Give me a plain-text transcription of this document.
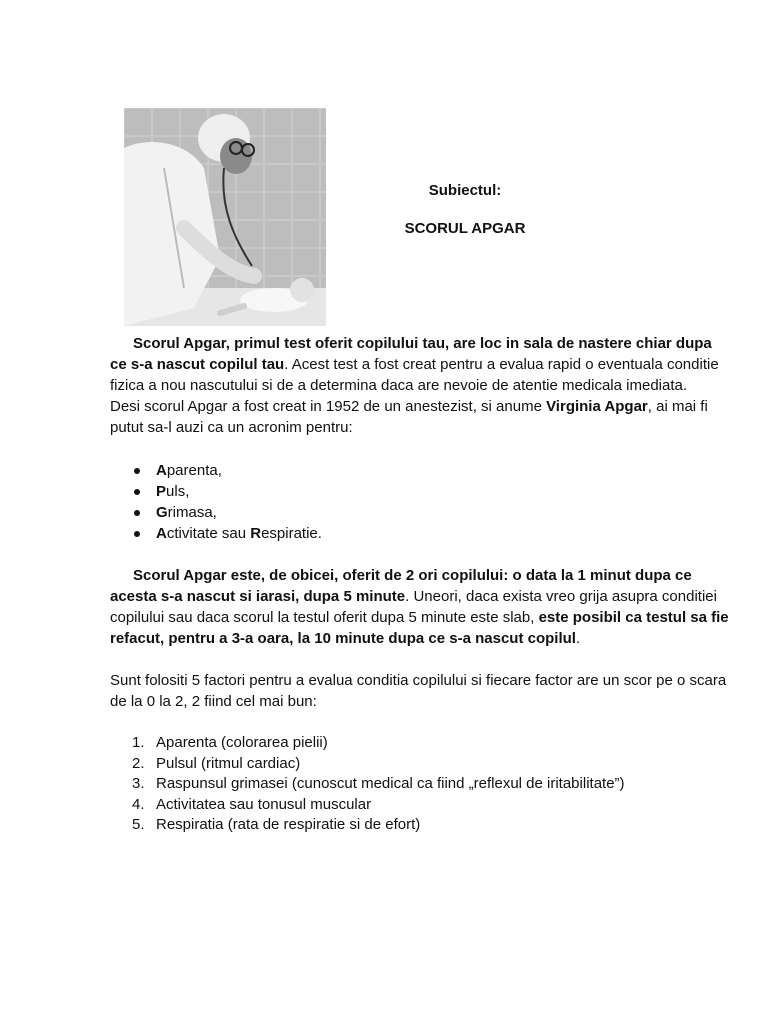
Subiectul:
SCORUL APGAR

Scorul Apgar, primul test oferit copilului tau, are loc in sala de nastere chiar dupa ce s-a nascut copilul tau. Acest test a fost creat pentru a evalua rapid o eventuala conditie fizica a nou nascutului si de a determina daca are nevoie de atentie medicala imediata.

Desi scorul Apgar a fost creat in 1952 de un anestezist, si anume Virginia Apgar, ai mai fi putut sa-l auzi ca un acronim pentru:

Aparenta,
Puls,
Grimasa,
Activitate sau Respiratie.

Scorul Apgar este, de obicei, oferit de 2 ori copilului: o data la 1 minut dupa ce acesta s-a nascut si iarasi, dupa 5 minute. Uneori, daca exista vreo grija asupra conditiei copilului sau daca scorul la testul oferit dupa 5 minute este slab, este posibil ca testul sa fie refacut, pentru a 3-a oara, la 10 minute dupa ce s-a nascut copilul.

Sunt folositi 5 factori pentru a evalua conditia copilului si fiecare factor are un scor pe o scara de la 0 la 2, 2 fiind cel mai bun:

1. Aparenta (colorarea pielii)
2. Pulsul (ritmul cardiac)
3. Raspunsul grimasei (cunoscut medical ca fiind „reflexul de iritabilitate”)
4. Activitatea sau tonusul muscular
5. Respiratia (rata de respiratie si de efort)
